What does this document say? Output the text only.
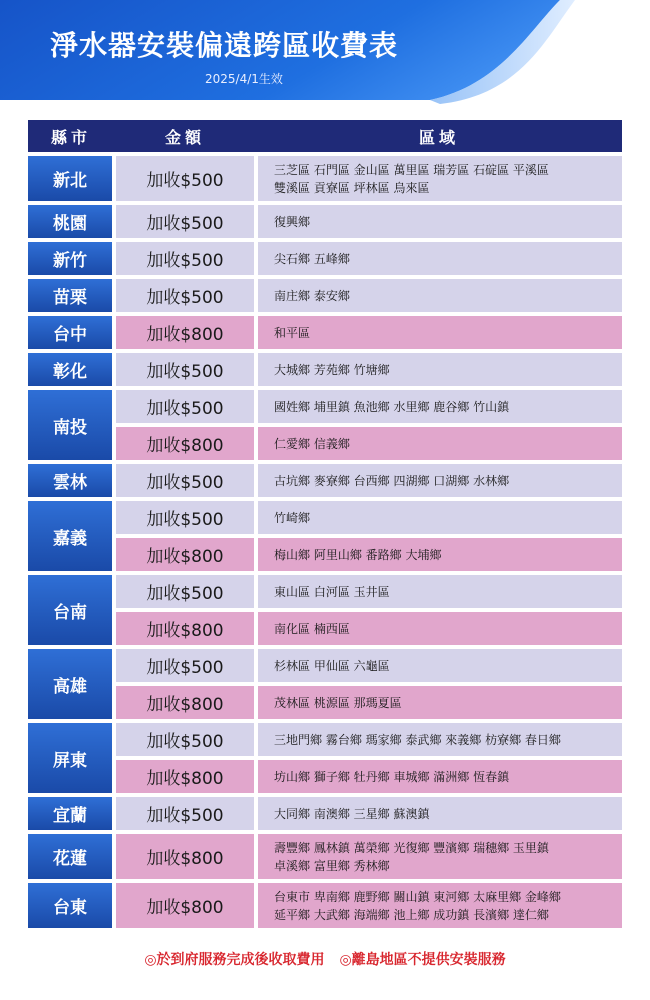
淨水器安裝偏遠跨區收費表
2025/4/1生效
縣市	金額	區域
新北	加收$500
三芝區 石門區 金山區 萬里區 瑞芳區 石碇區 平溪區
雙溪區 貢寮區 坪林區 烏來區
桃園	加收$500	復興鄉
新竹	加收$500	尖石鄉 五峰鄉
苗栗	加收$500	南庄鄉 泰安鄉
台中	加收$800	和平區
彰化	加收$500	大城鄉 芳苑鄉 竹塘鄉
南投
加收$500	國姓鄉 埔里鎮 魚池鄉 水里鄉 鹿谷鄉 竹山鎮
加收$800	仁愛鄉 信義鄉
雲林	加收$500	古坑鄉 麥寮鄉 台西鄉 四湖鄉 口湖鄉 水林鄉
嘉義
加收$500	竹崎鄉
加收$800	梅山鄉 阿里山鄉 番路鄉 大埔鄉
台南
加收$500	東山區 白河區 玉井區
加收$800	南化區 楠西區
高雄
加收$500	杉林區 甲仙區 六龜區
加收$800	茂林區 桃源區 那瑪夏區
屏東
加收$500	三地門鄉 霧台鄉 瑪家鄉 泰武鄉 來義鄉 枋寮鄉 春日鄉
加收$800	坊山鄉 獅子鄉 牡丹鄉 車城鄉 滿洲鄉 恆春鎮
宜蘭	加收$500	大同鄉 南澳鄉 三星鄉 蘇澳鎮
花蓮	加收$800
壽豐鄉 鳳林鎮 萬榮鄉 光復鄉 豐濱鄉 瑞穗鄉 玉里鎮
卓溪鄉 富里鄉 秀林鄉
台東	加收$800
台東市 卑南鄉 鹿野鄉 關山鎮 東河鄉 太麻里鄉 金峰鄉
延平鄉 大武鄉 海端鄉 池上鄉 成功鎮 長濱鄉 達仁鄉
◎於到府服務完成後收取費用 ◎離島地區不提供安裝服務
